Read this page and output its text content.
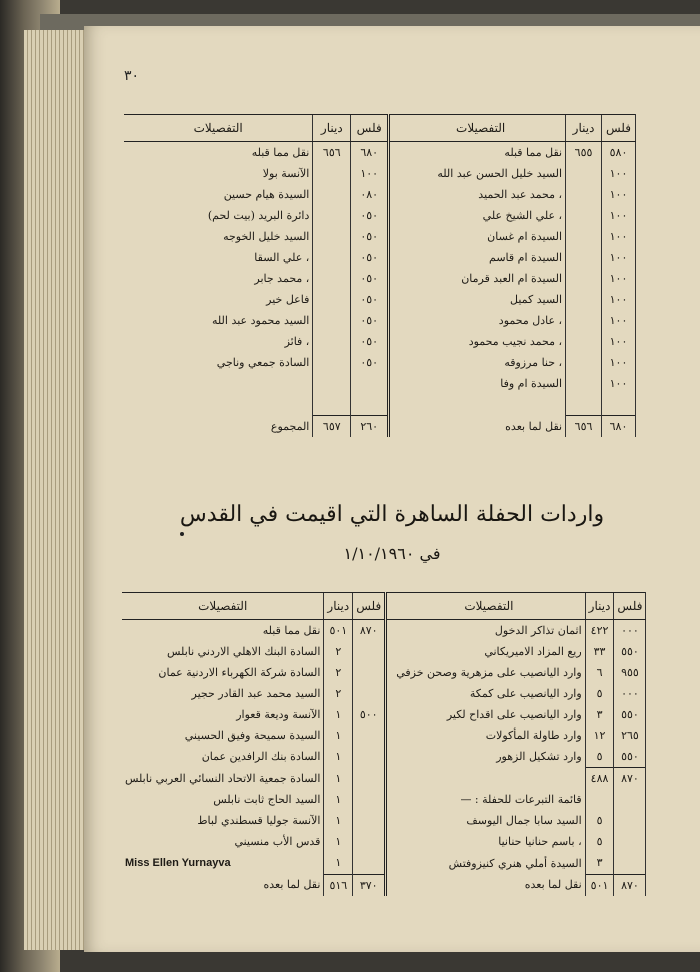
٣٠
التفصيلات	دينار	فلس		التفصيلات	دينار	فلس
نقل مما قبله	٦٥٦	٦٨٠		نقل مما قبله	٦٥٥	٥٨٠
الآنسة بولا		١٠٠		السيد خليل الحسن عبد الله		١٠٠
السيدة هيام حسين		٠٨٠		، محمد عبد الحميد		١٠٠
دائرة البريد (بيت لحم)		٠٥٠		، علي الشيخ علي		١٠٠
السيد خليل الخوجه		٠٥٠		السيدة ام غسان		١٠٠
، علي السقا		٠٥٠		السيدة ام قاسم		١٠٠
، محمد جابر		٠٥٠		السيدة ام العبد قرمان		١٠٠
فاعل خير		٠٥٠		السيد كميل		١٠٠
السيد محمود عبد الله		٠٥٠		، عادل محمود		١٠٠
، فائز		٠٥٠		، محمد نجيب محمود		١٠٠
السادة جمعي وناجي		٠٥٠		، حنا مرزوقه		١٠٠
				السيدة ام وفا		١٠٠

المجموع	٦٥٧	٢٦٠		نقل لما بعده	٦٥٦	٦٨٠
واردات الحفلة الساهرة التي اقيمت في القدس
في ١/١٠/١٩٦٠
التفصيلات	دينار	فلس		التفصيلات	دينار	فلس
نقل مما قبله	٥٠١	٨٧٠		اثمان تذاكر الدخول	٤٢٢	٠٠٠
السادة البنك الاهلي الاردني نابلس	٢			ريع المزاد الاميريكاني	٣٣	٥٥٠
السادة شركة الكهرباء الاردنية عمان	٢			وارد اليانصيب على مزهرية وصحن خزفي	٦	٩٥٥
السيد محمد عبد القادر حجير	٢			وارد اليانصيب على كمكة	٥	٠٠٠
الآنسة وديعة قعوار	١	٥٠٠		وارد اليانصيب على اقداح لكير	٣	٥٥٠
السيدة سميحة وفيق الحسيني	١			وارد طاولة المأكولات	١٢	٢٦٥
السادة بنك الرافدين عمان	١			وارد تشكيل الزهور	٥	٥٥٠
السادة جمعية الاتحاد النسائي العربي نابلس	١				٤٨٨	٨٧٠
السيد الحاج ثابت نابلس	١			قائمة التبرعات للحفلة : —		
الآنسة جوليا قسطندي لباط	١			السيد سابا جمال اليوسف	٥	
قدس الأب منسيني	١			، باسم حنانيا حنانيا	٥	
Miss Ellen Yurnayva	١			السيدة أملي هنري كنيزوفتش	٣	
نقل لما بعده	٥١٦	٣٧٠		نقل لما بعده	٥٠١	٨٧٠
